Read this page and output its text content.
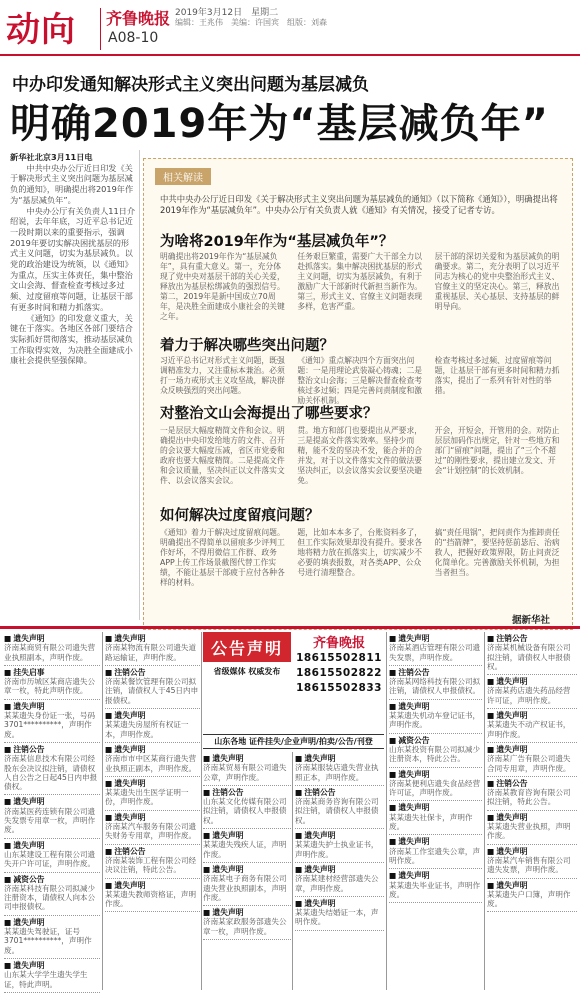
动向 齐鲁晚报 2019年3月12日　星期二
编辑：王兆伟　美编：许国宾　组版：刘森
A08-10
中办印发通知解决形式主义突出问题为基层减负
明确2019年为“基层减负年”
新华社北京3月11日电

中共中央办公厅近日印发《关于解决形式主义突出问题为基层减负的通知》，明确提出将2019年作为“基层减负年”。

中央办公厅有关负责人11日介绍说，去年年底，习近平总书记近一段时期以来的重要指示，强调2019年要切实解决困扰基层的形式主义问题，切实为基层减负。以党的政治建设为统领，以《通知》为重点，压实主体责任，集中整治文山会海、督查检查考核过多过频、过度留痕等问题，让基层干部有更多时间和精力抓落实。

《通知》的印发意义重大，关键在于落实。各地区各部门要结合实际抓好贯彻落实，推动基层减负工作取得实效，为决胜全面建成小康社会提供坚强保障。

相关解读
中共中央办公厅近日印发《关于解决形式主义突出问题为基层减负的通知》（以下简称《通知》），明确提出将2019年作为“基层减负年”。中央办公厅有关负责人就《通知》有关情况，接受了记者专访。
为啥将2019年作为“基层减负年”？
明确提出将2019年作为“基层减负年”，具有重大意义。第一，充分体现了党中央对基层干部的关心关爱，释放出为基层松绑减负的强烈信号。第二，2019年是新中国成立70周年，是决胜全面建成小康社会的关键之年。
任务艰巨繁重，需要广大干部全力以赴抓落实。集中解决困扰基层的形式主义问题，切实为基层减负，有利于激励广大干部新时代新担当新作为。第三，形式主义、官僚主义问题表现多样，危害严重。
层干部的深切关爱和为基层减负的明确要求。第二，充分表明了以习近平同志为核心的党中央整治形式主义、官僚主义的坚定决心。第三，释放出重视基层、关心基层、支持基层的鲜明导向。
着力于解决哪些突出问题？
习近平总书记对形式主义问题，既强调精准发力，又注重标本兼治。必须打一场力戒形式主义攻坚战，解决群众反映强烈的突出问题。
《通知》重点解决四个方面突出问题：一是用理论武装凝心铸魂；二是整治文山会海；三是解决督查检查考核过多过频；四是完善问责制度和激励关怀机制。
检查考核过多过频、过度留痕等问题，让基层干部有更多时间和精力抓落实，提出了一系列有针对性的举措。
对整治文山会海提出了哪些要求？
一是层层大幅度精简文件和会议。明确提出中央印发给地方的文件、召开的会议要大幅度压减，省区市党委和政府也要大幅度精简。二是提高文件和会议质量，坚决纠正以文件落实文件、以会议落实会议。
贯。地方和部门也要提出从严要求，三是提高文件落实效率。坚持少而精，能不发的坚决不发，能合并的合并发，对于以文件落实文件的做法要坚决纠正，以会议落实会议要坚决避免。
开会，开短会，开管用的会。对防止层层加码作出规定，针对一些地方和部门“留痕”问题，提出了“三个不超过”的刚性要求，提出建立发文、开会“计划控制”的长效机制。
如何解决过度留痕问题？
《通知》着力于解决过度留痕问题。明确提出不得简单以留痕多少评判工作好坏，不得用微信工作群、政务APP上传工作场景截图代替工作实绩，不能让基层干部疲于应付各种各样的材料。
题，比如本本多了，台账资料多了，但工作实际效果却没有提升。要求各地将精力放在抓落实上，切实减少不必要的填表报数，对各类APP、公众号进行清理整合。
搞“责任甩锅”，把问责作为推卸责任的“挡箭牌”，要坚持惩前毖后、治病救人，把握好政策界限，防止问责泛化简单化。完善激励关怀机制，为担当者担当。
据新华社
■ 遗失声明
济南某商贸有限公司遗失营业执照副本，声明作废。
■ 挂失启事
济南市历城区某商店遗失公章一枚，特此声明作废。
■ 遗失声明
某某遗失身份证一张，号码3701**********，声明作废。
■ 注销公告
济南某信息技术有限公司经股东会决议拟注销，请债权人自公告之日起45日内申报债权。
■ 遗失声明
济南某医药连锁有限公司遗失发票专用章一枚，声明作废。
■ 遗失声明
山东某建设工程有限公司遗失开户许可证，声明作废。
■ 减资公告
济南某科技有限公司拟减少注册资本，请债权人向本公司申报债权。
■ 遗失声明
某某遗失驾驶证，证号3701**********，声明作废。
■ 遗失声明
山东某大学学生遗失学生证，特此声明。
■ 遗失声明
济南某物流有限公司遗失道路运输证，声明作废。
■ 注销公告
济南某餐饮管理有限公司拟注销，请债权人于45日内申报债权。
■ 遗失声明
某某遗失房屋所有权证一本，声明作废。
■ 遗失声明
济南市市中区某商行遗失营业执照正副本，声明作废。
■ 遗失声明
某某遗失出生医学证明一份，声明作废。
■ 遗失声明
济南某汽车服务有限公司遗失财务专用章，声明作废。
■ 注销公告
济南某装饰工程有限公司经决议注销，特此公告。
■ 遗失声明
某某遗失教师资格证，声明作废。
公告声明
省级媒体 权威发布
齐鲁晚报
18615502811
18615502822
18615502833
山东各地 证件挂失/企业声明/拍卖/公告/刊登
■ 遗失声明
济南某贸易有限公司遗失公章，声明作废。
■ 注销公告
山东某文化传媒有限公司拟注销，请债权人申报债权。
■ 遗失声明
某某遗失残疾人证，声明作废。
■ 遗失声明
济南某电子商务有限公司遗失营业执照副本，声明作废。
■ 遗失声明
济南某家政服务部遗失公章一枚，声明作废。
■ 遗失声明
济南某服装店遗失营业执照正本，声明作废。
■ 注销公告
济南某商务咨询有限公司拟注销，请债权人申报债权。
■ 遗失声明
某某遗失护士执业证书，声明作废。
■ 遗失声明
济南某建材经营部遗失公章，声明作废。
■ 遗失声明
某某遗失结婚证一本，声明作废。
■ 遗失声明
济南某酒店管理有限公司遗失发票，声明作废。
■ 注销公告
济南某网络科技有限公司拟注销，请债权人申报债权。
■ 遗失声明
某某遗失机动车登记证书，声明作废。
■ 减资公告
山东某投资有限公司拟减少注册资本，特此公告。
■ 遗失声明
济南某便利店遗失食品经营许可证，声明作废。
■ 遗失声明
某某遗失社保卡，声明作废。
■ 遗失声明
济南某工作室遗失公章，声明作废。
■ 遗失声明
某某遗失毕业证书，声明作废。
■ 注销公告
济南某机械设备有限公司拟注销，请债权人申报债权。
■ 遗失声明
济南某药店遗失药品经营许可证，声明作废。
■ 遗失声明
某某遗失不动产权证书，声明作废。
■ 遗失声明
济南某广告有限公司遗失合同专用章，声明作废。
■ 注销公告
济南某教育咨询有限公司拟注销，特此公告。
■ 遗失声明
某某遗失营业执照，声明作废。
■ 遗失声明
济南某汽车销售有限公司遗失发票，声明作废。
■ 遗失声明
某某遗失户口簿，声明作废。
